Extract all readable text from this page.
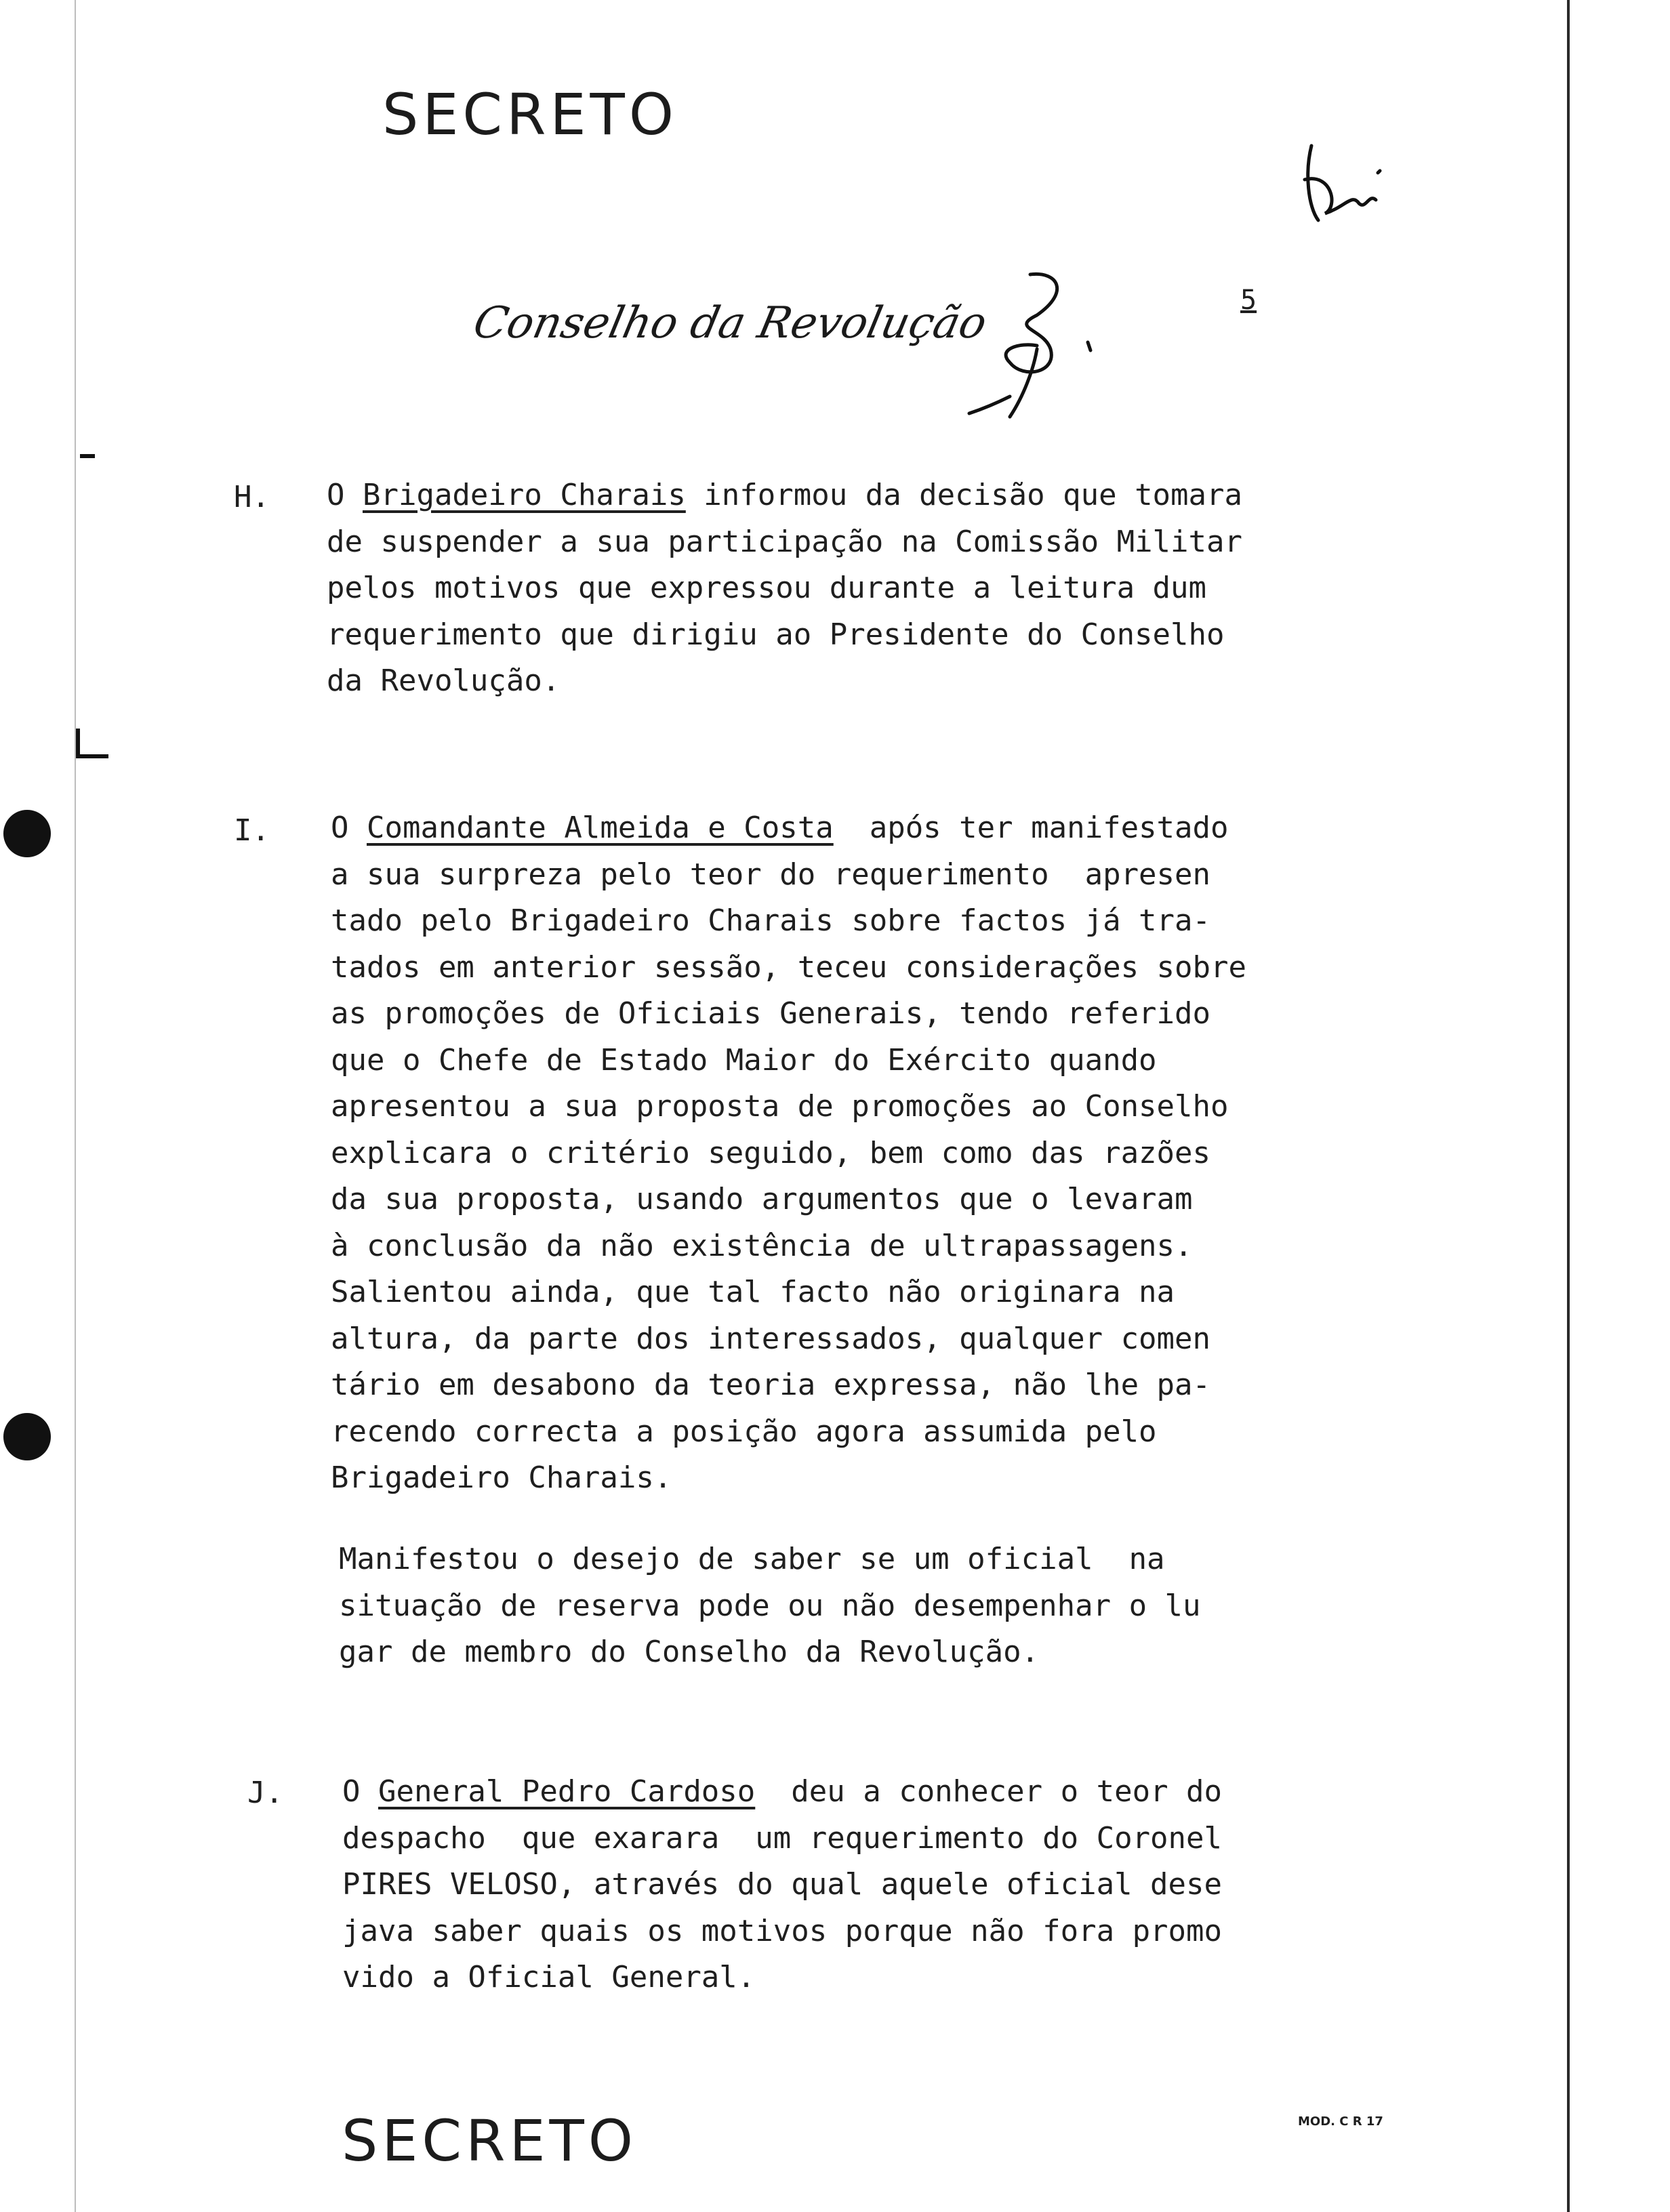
SECRETO
Conselho da Revolução	5
H. O Brigadeiro Charais informou da decisão que tomara

de suspender a sua participação na Comissão Militar

pelos motivos que expressou durante a leitura dum

requerimento que dirigiu ao Presidente do Conselho

da Revolução.

I. O Comandante Almeida e Costa  após ter manifestado

a sua surpreza pelo teor do requerimento  apresen

tado pelo Brigadeiro Charais sobre factos já tra-

tados em anterior sessão, teceu considerações sobre

as promoções de Oficiais Generais, tendo referido

que o Chefe de Estado Maior do Exército quando

apresentou a sua proposta de promoções ao Conselho

explicara o critério seguido, bem como das razões

da sua proposta, usando argumentos que o levaram

à conclusão da não existência de ultrapassagens.

Salientou ainda, que tal facto não originara na

altura, da parte dos interessados, qualquer comen

tário em desabono da teoria expressa, não lhe pa-

recendo correcta a posição agora assumida pelo

Brigadeiro Charais.

Manifestou o desejo de saber se um oficial  na

situação de reserva pode ou não desempenhar o lu

gar de membro do Conselho da Revolução.

J. O General Pedro Cardoso  deu a conhecer o teor do

despacho  que exarara  um requerimento do Coronel

PIRES VELOSO, através do qual aquele oficial dese

java saber quais os motivos porque não fora promo

vido a Oficial General.

SECRETO	MOD. C R 17
